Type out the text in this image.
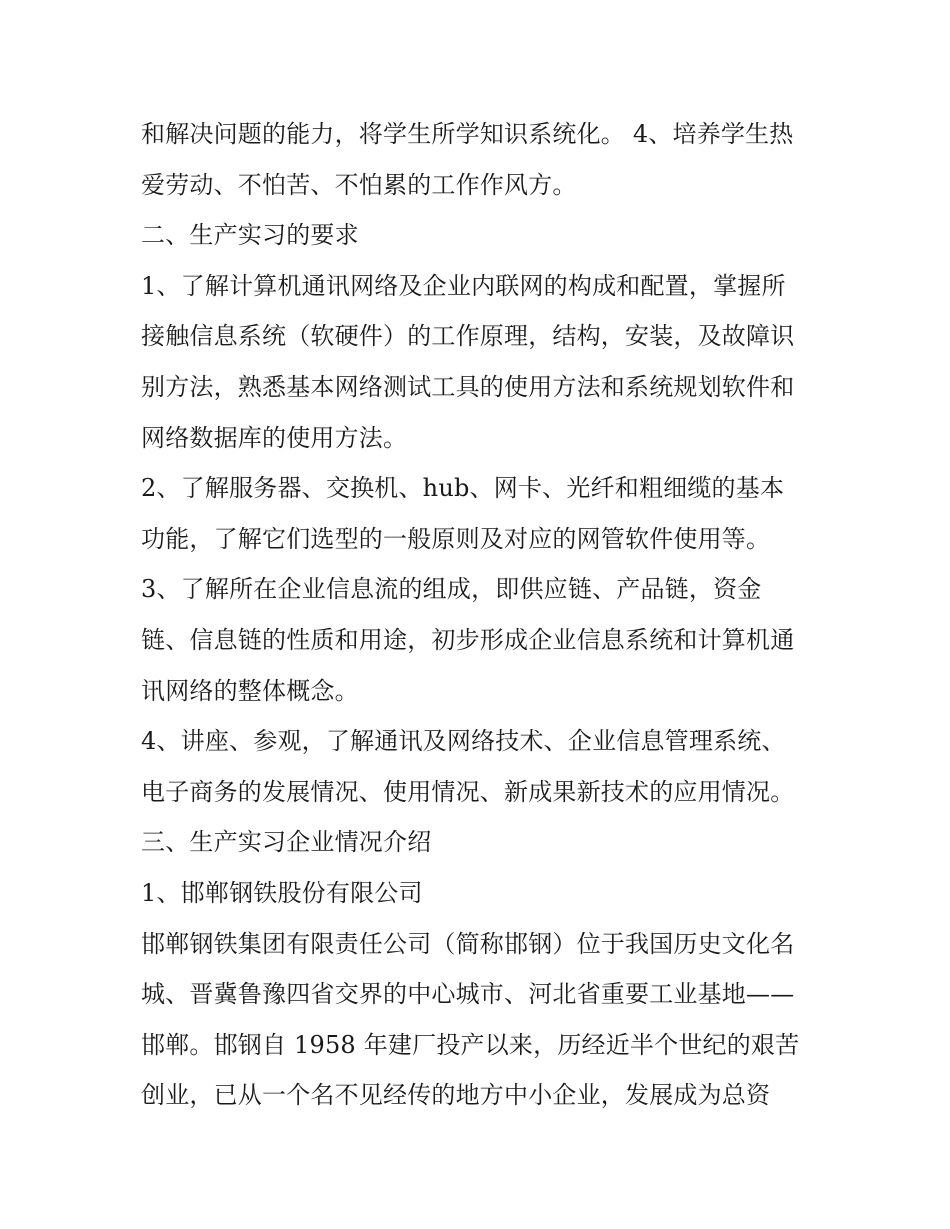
和解决问题的能力，将学生所学知识系统化。 4、培养学生热
爱劳动、不怕苦、不怕累的工作作风方。
二、生产实习的要求
1、了解计算机通讯网络及企业内联网的构成和配置，掌握所
接触信息系统（软硬件）的工作原理，结构，安装，及故障识
别方法，熟悉基本网络测试工具的使用方法和系统规划软件和
网络数据库的使用方法。
2、了解服务器、交换机、hub、网卡、光纤和粗细缆的基本
功能，了解它们选型的一般原则及对应的网管软件使用等。
3、了解所在企业信息流的组成，即供应链、产品链，资金
链、信息链的性质和用途，初步形成企业信息系统和计算机通
讯网络的整体概念。
4、讲座、参观，了解通讯及网络技术、企业信息管理系统、
电子商务的发展情况、使用情况、新成果新技术的应用情况。
三、生产实习企业情况介绍
1、邯郸钢铁股份有限公司
邯郸钢铁集团有限责任公司（简称邯钢）位于我国历史文化名
城、晋冀鲁豫四省交界的中心城市、河北省重要工业基地——
邯郸。邯钢自 1958 年建厂投产以来，历经近半个世纪的艰苦
创业，已从一个名不见经传的地方中小企业，发展成为总资
